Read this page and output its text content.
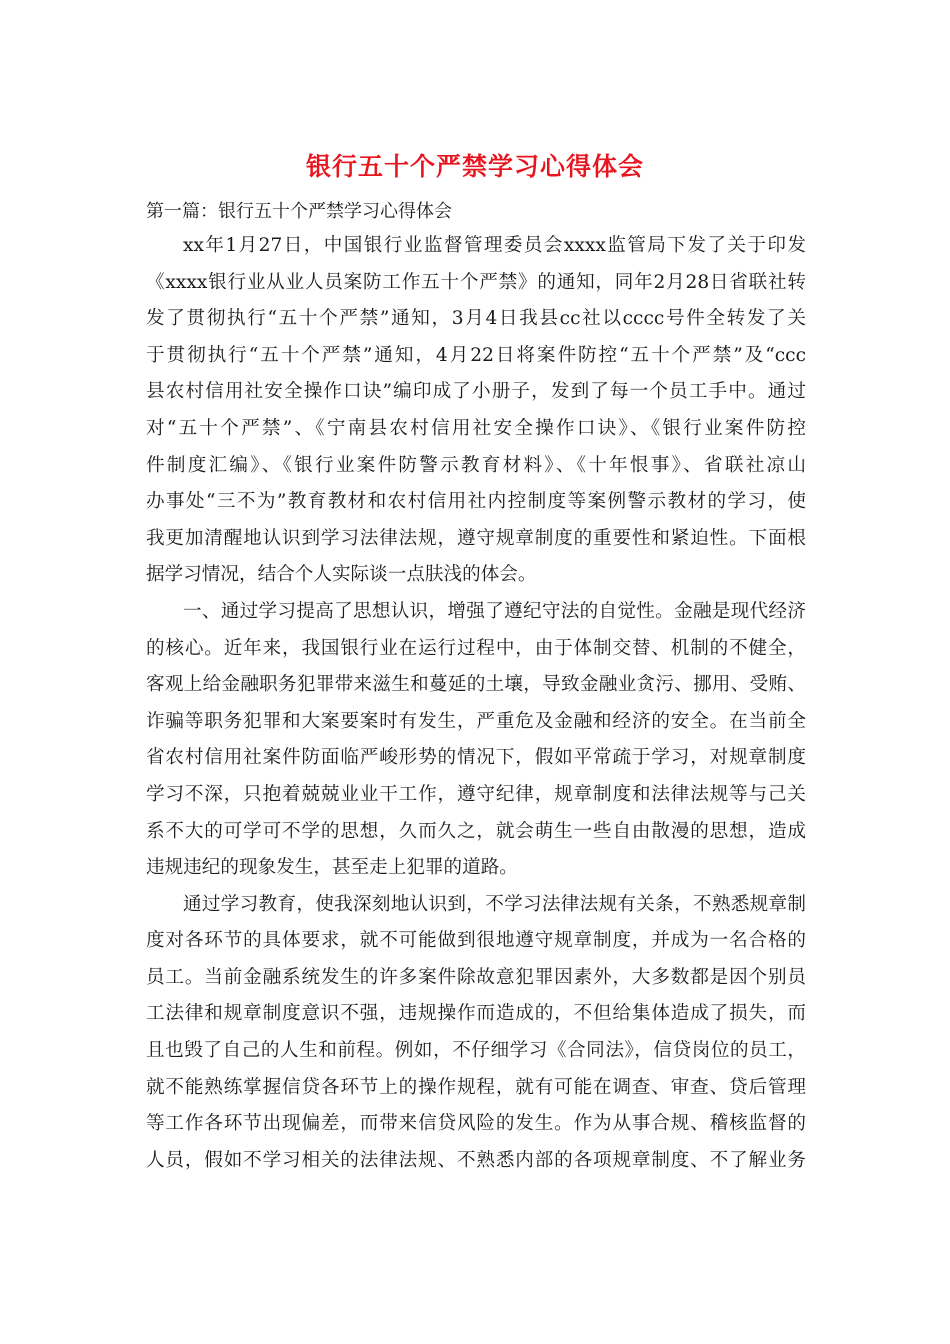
银行五十个严禁学习心得体会
第一篇：银行五十个严禁学习心得体会
xx年1月27日，中国银行业监督管理委员会xxxx监管局下发了关于印发
《xxxx银行业从业人员案防工作五十个严禁》的通知，同年2月28日省联社转
发了贯彻执行“五十个严禁”通知，3月4日我县cc社以cccc号件全转发了关
于贯彻执行“五十个严禁”通知，4月22日将案件防控“五十个严禁”及“ccc
县农村信用社安全操作口诀”编印成了小册子，发到了每一个员工手中。通过
对“五十个严禁”、《宁南县农村信用社安全操作口诀》、《银行业案件防控
件制度汇编》、《银行业案件防警示教育材料》、《十年恨事》、省联社凉山
办事处“三不为”教育教材和农村信用社内控制度等案例警示教材的学习，使
我更加清醒地认识到学习法律法规，遵守规章制度的重要性和紧迫性。下面根
据学习情况，结合个人实际谈一点肤浅的体会。
一、通过学习提高了思想认识，增强了遵纪守法的自觉性。金融是现代经济
的核心。近年来，我国银行业在运行过程中，由于体制交替、机制的不健全，
客观上给金融职务犯罪带来滋生和蔓延的土壤，导致金融业贪污、挪用、受贿、
诈骗等职务犯罪和大案要案时有发生，严重危及金融和经济的安全。在当前全
省农村信用社案件防面临严峻形势的情况下，假如平常疏于学习，对规章制度
学习不深，只抱着兢兢业业干工作，遵守纪律，规章制度和法律法规等与己关
系不大的可学可不学的思想，久而久之，就会萌生一些自由散漫的思想，造成
违规违纪的现象发生，甚至走上犯罪的道路。
通过学习教育，使我深刻地认识到，不学习法律法规有关条，不熟悉规章制
度对各环节的具体要求，就不可能做到很地遵守规章制度，并成为一名合格的
员工。当前金融系统发生的许多案件除故意犯罪因素外，大多数都是因个别员
工法律和规章制度意识不强，违规操作而造成的，不但给集体造成了损失，而
且也毁了自己的人生和前程。例如，不仔细学习《合同法》，信贷岗位的员工，
就不能熟练掌握信贷各环节上的操作规程，就有可能在调查、审查、贷后管理
等工作各环节出现偏差，而带来信贷风险的发生。作为从事合规、稽核监督的
人员，假如不学习相关的法律法规、不熟悉内部的各项规章制度、不了解业务
